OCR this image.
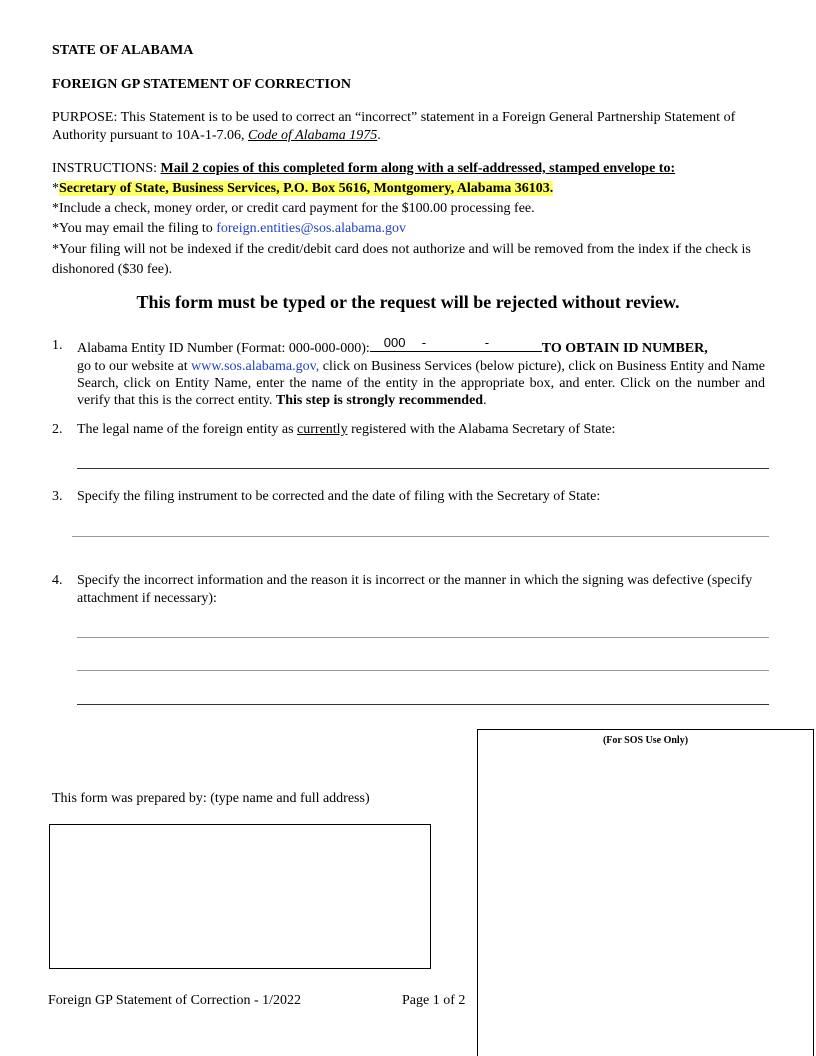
STATE OF ALABAMA
FOREIGN GP STATEMENT OF CORRECTION

PURPOSE: This Statement is to be used to correct an “incorrect” statement in a Foreign General Partnership Statement of Authority pursuant to 10A-1-7.06, Code of Alabama 1975.

INSTRUCTIONS: Mail 2 copies of this completed form along with a self-addressed, stamped envelope to:

*Secretary of State, Business Services, P.O. Box 5616, Montgomery, Alabama 36103.

*Include a check, money order, or credit card payment for the $100.00 processing fee.

*You may email the filing to foreign.entities@sos.alabama.gov

*Your filing will not be indexed if the credit/debit card does not authorize and will be removed from the index if the check is dishonored ($30 fee).

This form must be typed or the request will be rejected without review.
1. Alabama Entity ID Number (Format: 000-000-000): 000 -	-	TO OBTAIN ID NUMBER,
go to our website at www.sos.alabama.gov, click on Business Services (below picture), click on Business Entity and Name Search, click on Entity Name, enter the name of the entity in the appropriate box, and enter. Click on the number and verify that this is the correct entity. This step is strongly recommended.
2. The legal name of the foreign entity as currently registered with the Alabama Secretary of State:
3. Specify the filing instrument to be corrected and the date of filing with the Secretary of State:
4. Specify the incorrect information and the reason it is incorrect or the manner in which the signing was defective (specify attachment if necessary):
(For SOS Use Only)
This form was prepared by: (type name and full address)
Foreign GP Statement of Correction - 1/2022	Page 1 of 2
